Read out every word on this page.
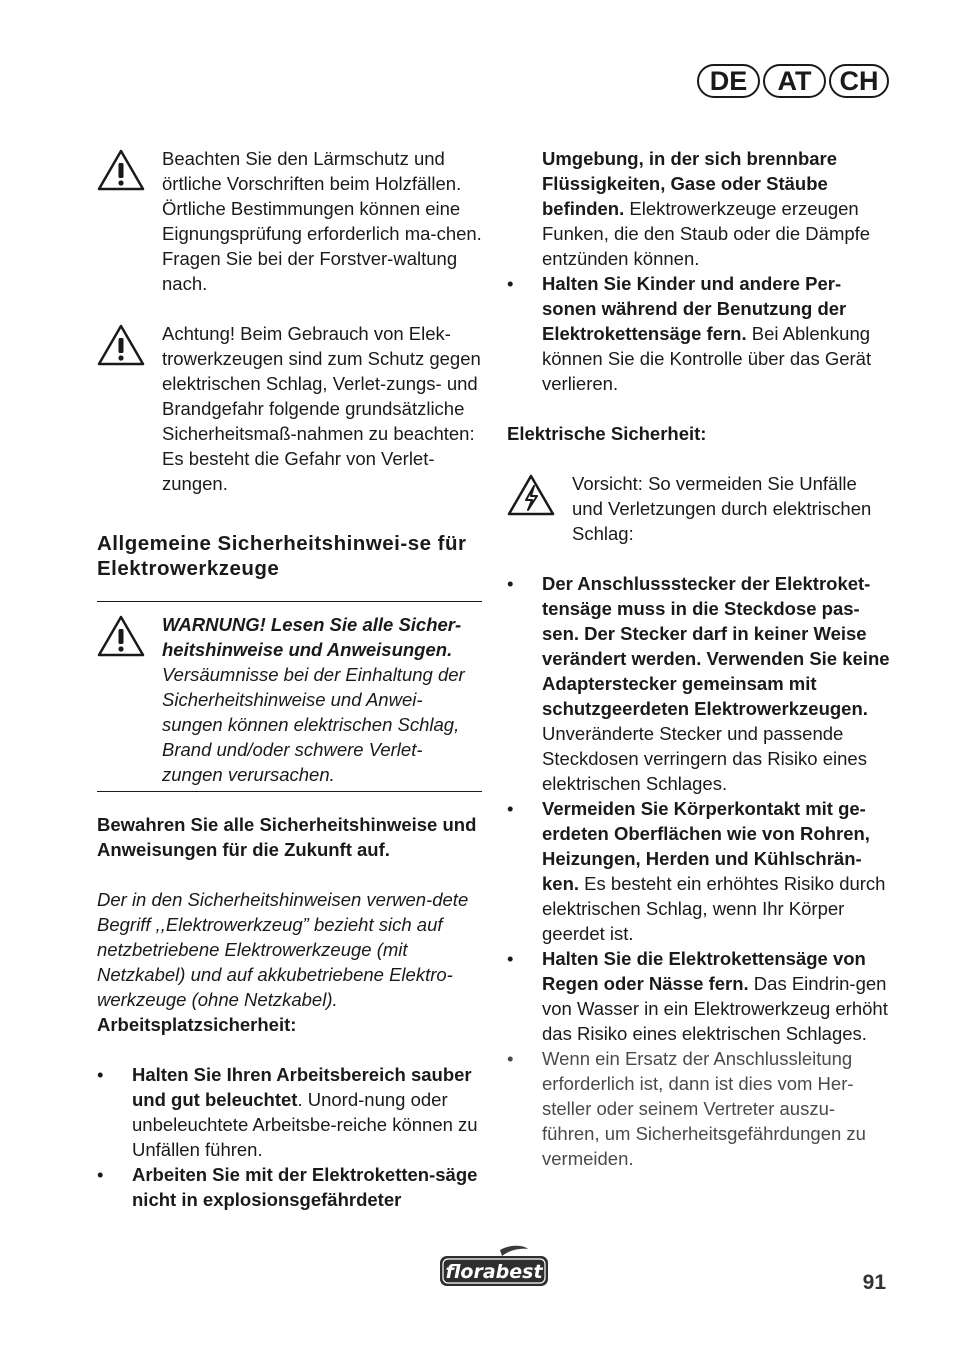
DE	AT	CH

Beachten Sie den Lärmschutz und örtliche Vorschriften beim Holzfällen. Örtliche Bestimmungen können eine Eignungsprüfung erforderlich ma-chen. Fragen Sie bei der Forstver-waltung nach.

Achtung! Beim Gebrauch von Elek-trowerkzeugen sind zum Schutz gegen elektrischen Schlag, Verlet-zungs- und Brandgefahr folgende grundsätzliche Sicherheitsmaß-nahmen zu beachten:

Es besteht die Gefahr von Verlet-zungen.

Allgemeine Sicherheitshinwei-se für Elektrowerkzeuge

WARNUNG! Lesen Sie alle Sicher-heitshinweise und Anweisungen. Versäumnisse bei der Einhaltung der Sicherheitshinweise und Anwei-sungen können elektrischen Schlag, Brand und/oder schwere Verlet-zungen verursachen.

Bewahren Sie alle Sicherheitshinweise und Anweisungen für die Zukunft auf.

Der in den Sicherheitshinweisen verwen-dete Begriff ,,Elektrowerkzeug” bezieht sich auf netzbetriebene Elektrowerkzeuge (mit Netzkabel) und auf akkubetriebene Elektro-werkzeuge (ohne Netzkabel).

Arbeitsplatzsicherheit:

• Halten Sie Ihren Arbeitsbereich sauber und gut beleuchtet. Unord-nung oder unbeleuchtete Arbeitsbe-reiche können zu Unfällen führen.
• Arbeiten Sie mit der Elektroketten-säge nicht in explosionsgefährdeter

Umgebung, in der sich brennbare Flüssigkeiten, Gase oder Stäube befinden. Elektrowerkzeuge erzeugen Funken, die den Staub oder die Dämpfe entzünden können.

• Halten Sie Kinder und andere Per-sonen während der Benutzung der Elektrokettensäge fern. Bei Ablenkung können Sie die Kontrolle über das Gerät verlieren.

Elektrische Sicherheit:

Vorsicht: So vermeiden Sie Unfälle und Verletzungen durch elektrischen Schlag:

• Der Anschlussstecker der Elektroket-tensäge muss in die Steckdose pas-sen. Der Stecker darf in keiner Weise verändert werden. Verwenden Sie keine Adapterstecker gemeinsam mit schutzgeerdeten Elektrowerkzeugen. Unveränderte Stecker und passende Steckdosen verringern das Risiko eines elektrischen Schlages.
• Vermeiden Sie Körperkontakt mit ge-erdeten Oberflächen wie von Rohren, Heizungen, Herden und Kühlschrän-ken. Es besteht ein erhöhtes Risiko durch elektrischen Schlag, wenn Ihr Körper geerdet ist.
• Halten Sie die Elektrokettensäge von Regen oder Nässe fern. Das Eindrin-gen von Wasser in ein Elektrowerkzeug erhöht das Risiko eines elektrischen Schlages.
• Wenn ein Ersatz der Anschlussleitung erforderlich ist, dann ist dies vom Her-steller oder seinem Vertreter auszu-führen, um Sicherheitsgefährdungen zu vermeiden.
florabest	91
